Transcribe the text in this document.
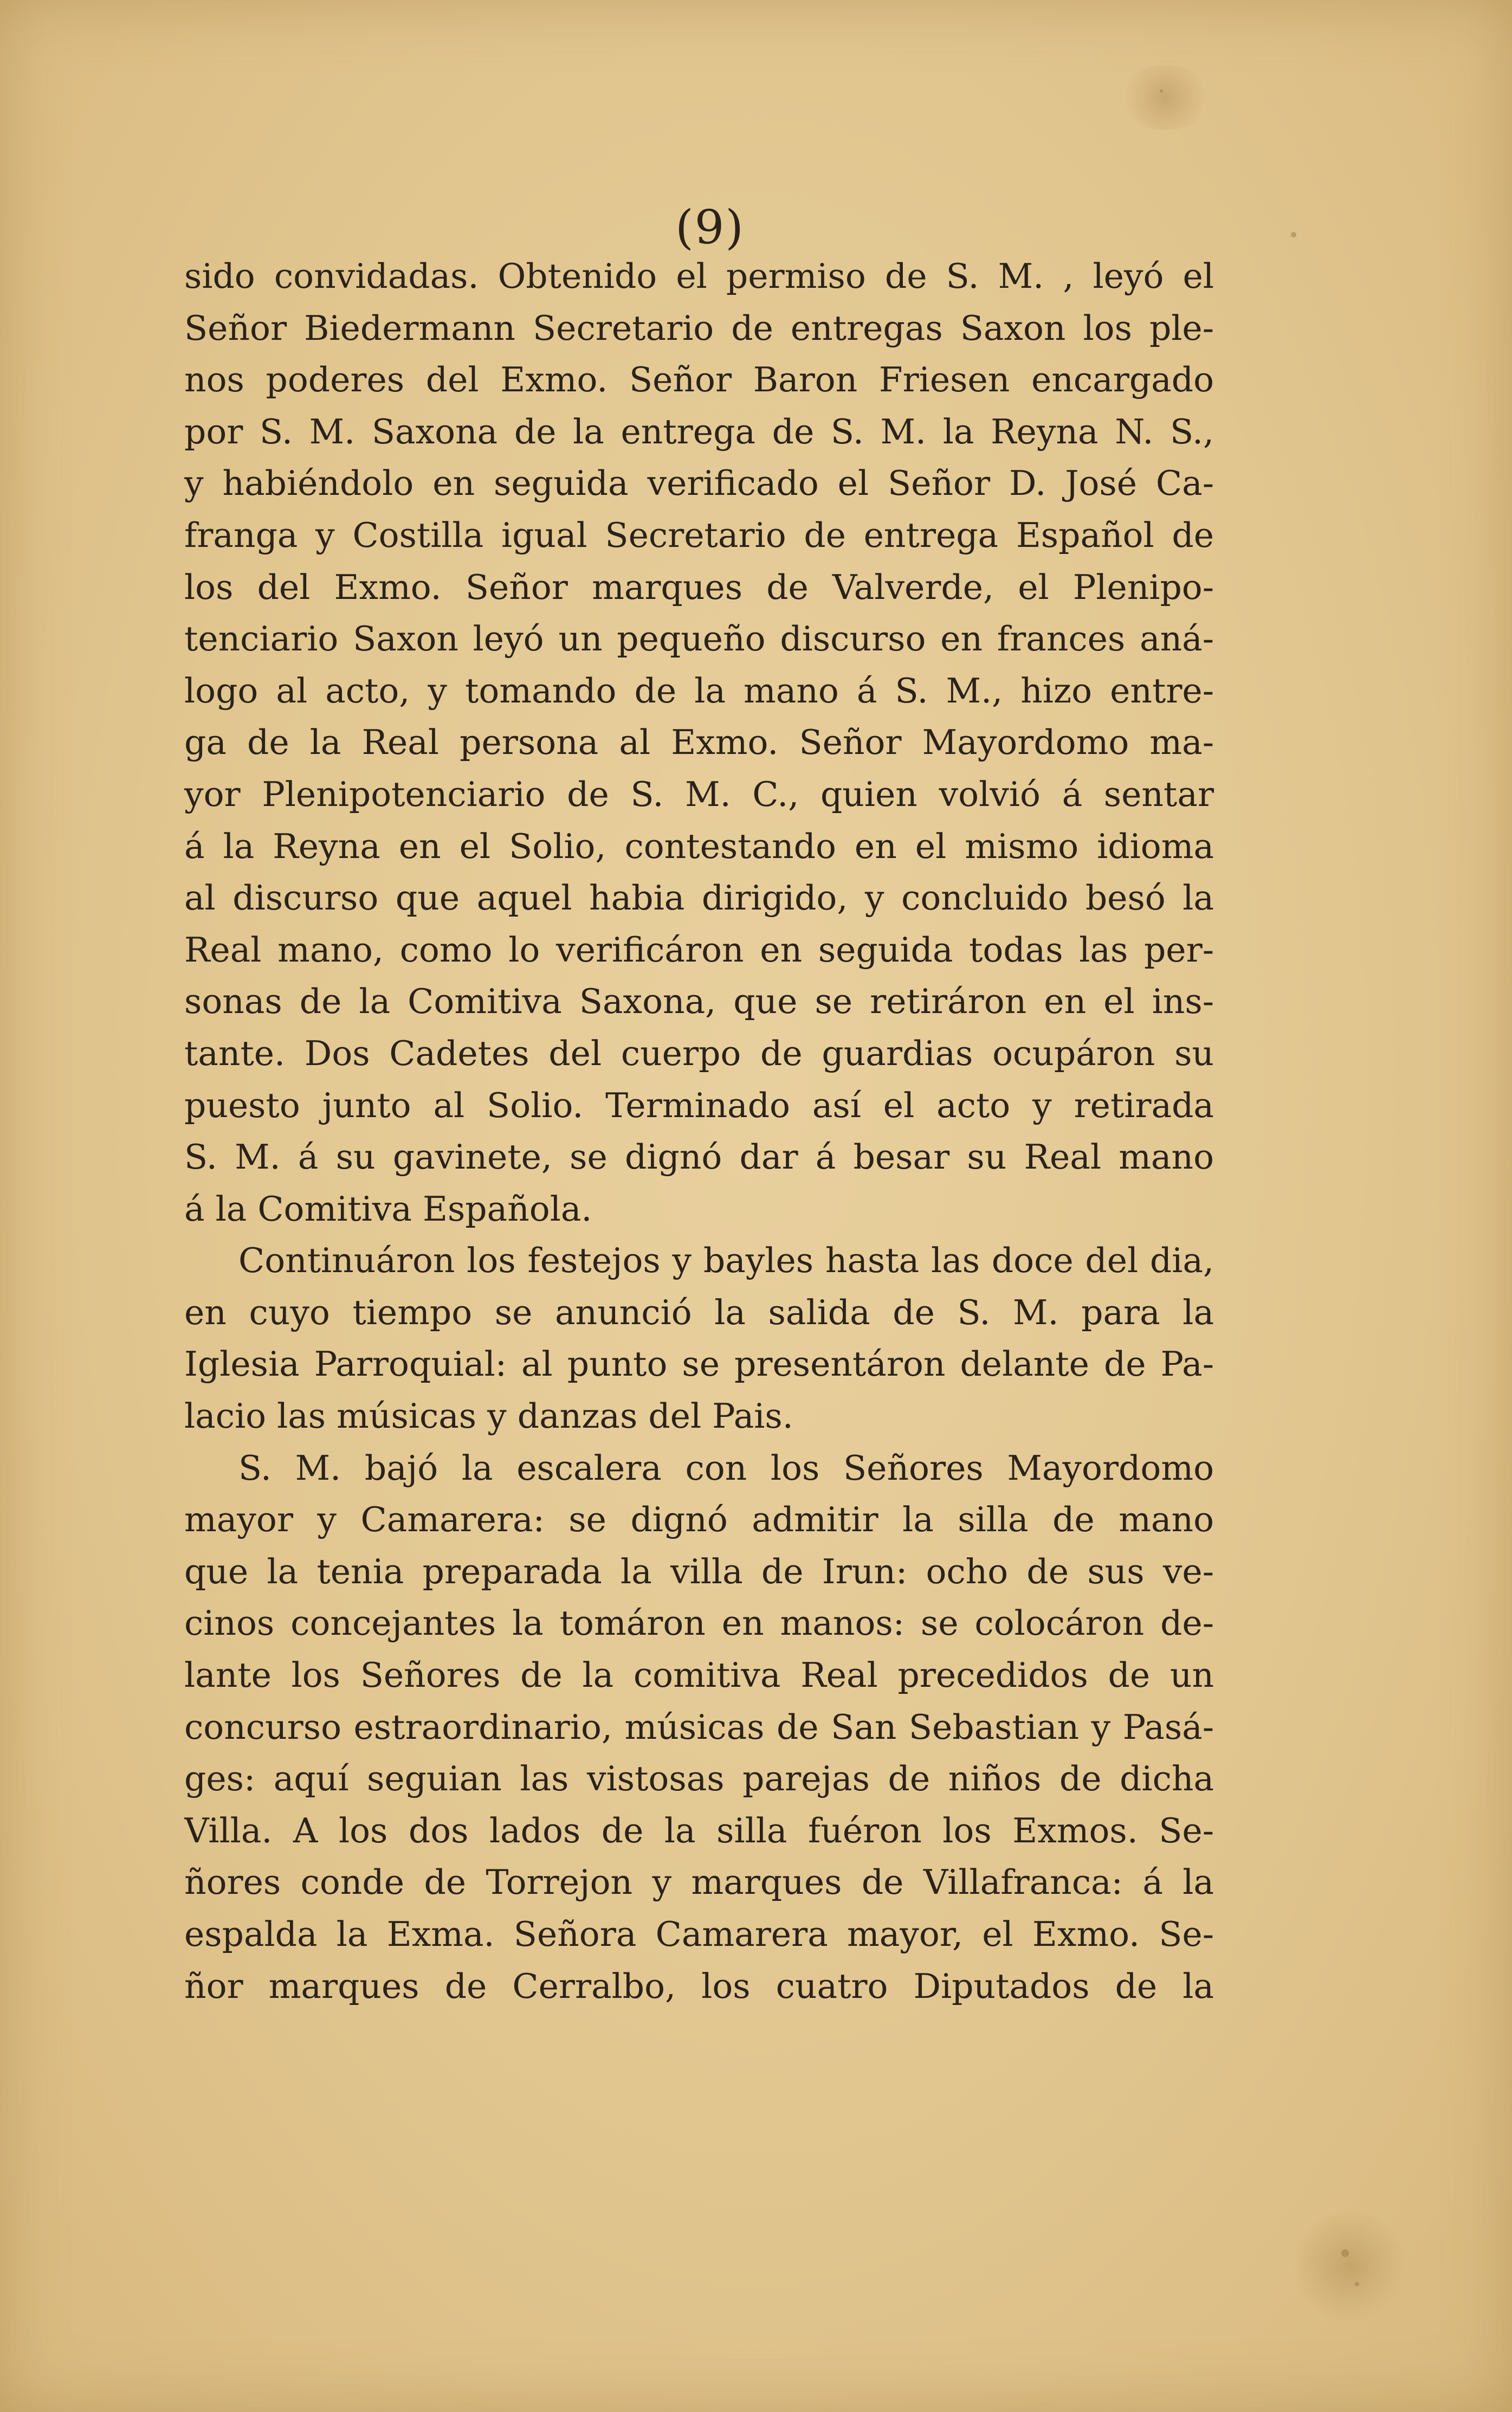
(9)
sido convidadas. Obtenido el permiso de S. M. , leyó el
Señor Biedermann Secretario de entregas Saxon los ple-
nos poderes del Exmo. Señor Baron Friesen encargado
por S. M. Saxona de la entrega de S. M. la Reyna N. S.,
y habiéndolo en seguida verificado el Señor D. José Ca-
franga y Costilla igual Secretario de entrega Español de
los del Exmo. Señor marques de Valverde, el Plenipo-
tenciario Saxon leyó un pequeño discurso en frances aná-
logo al acto, y tomando de la mano á S. M., hizo entre-
ga de la Real persona al Exmo. Señor Mayordomo ma-
yor Plenipotenciario de S. M. C., quien volvió á sentar
á la Reyna en el Solio, contestando en el mismo idioma
al discurso que aquel habia dirigido, y concluido besó la
Real mano, como lo verificáron en seguida todas las per-
sonas de la Comitiva Saxona, que se retiráron en el ins-
tante. Dos Cadetes del cuerpo de guardias ocupáron su
puesto junto al Solio. Terminado así el acto y retirada
S. M. á su gavinete, se dignó dar á besar su Real mano
á la Comitiva Española.
Continuáron los festejos y bayles hasta las doce del dia,
en cuyo tiempo se anunció la salida de S. M. para la
Iglesia Parroquial: al punto se presentáron delante de Pa-
lacio las músicas y danzas del Pais.
S. M. bajó la escalera con los Señores Mayordomo
mayor y Camarera: se dignó admitir la silla de mano
que la tenia preparada la villa de Irun: ocho de sus ve-
cinos concejantes la tomáron en manos: se colocáron de-
lante los Señores de la comitiva Real precedidos de un
concurso estraordinario, músicas de San Sebastian y Pasá-
ges: aquí seguian las vistosas parejas de niños de dicha
Villa. A los dos lados de la silla fuéron los Exmos. Se-
ñores conde de Torrejon y marques de Villafranca: á la
espalda la Exma. Señora Camarera mayor, el Exmo. Se-
ñor marques de Cerralbo, los cuatro Diputados de la
